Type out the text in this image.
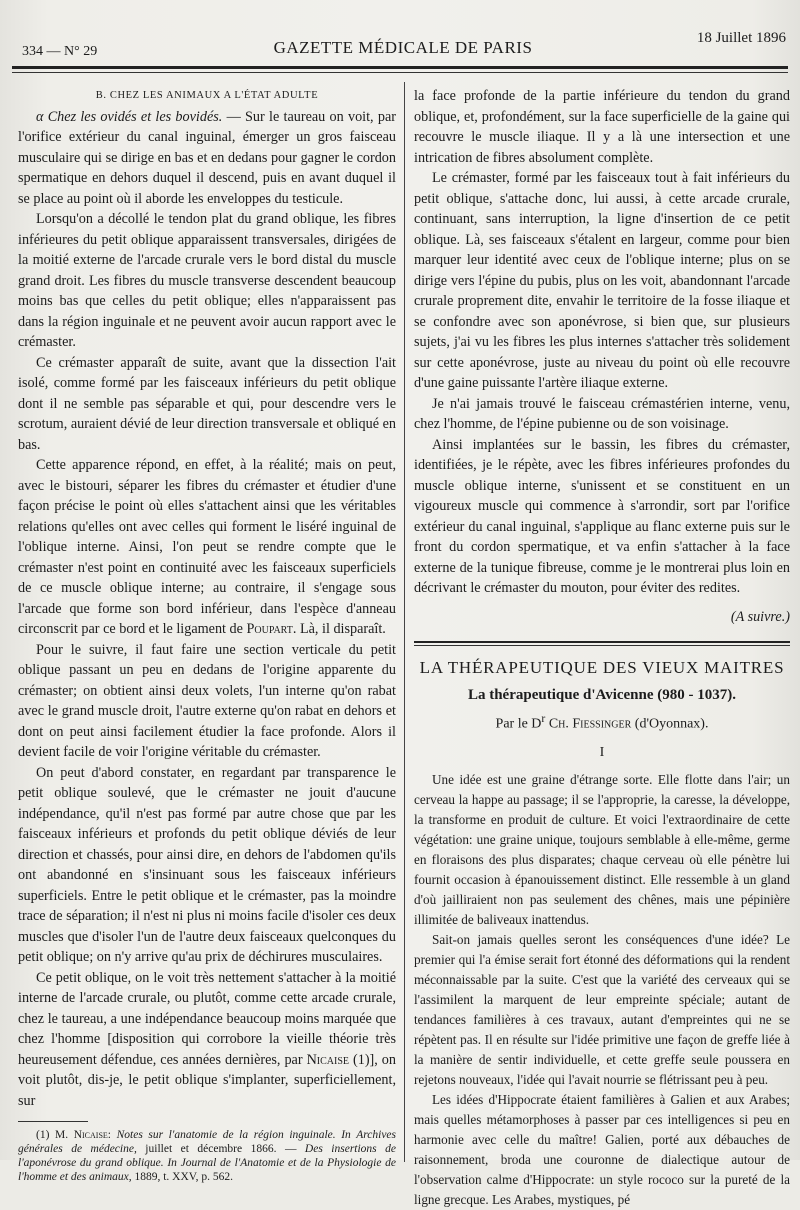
334 — N° 29	GAZETTE MÉDICALE DE PARIS	18 Juillet 1896

B. CHEZ LES ANIMAUX A L'ÉTAT ADULTE

α Chez les ovidés et les bovidés. — Sur le taureau on voit, par l'orifice extérieur du canal inguinal, émerger un gros faisceau musculaire qui se dirige en bas et en dedans pour gagner le cordon spermatique en dehors duquel il descend, puis en avant duquel il se place au point où il aborde les enveloppes du testicule.

Lorsqu'on a décollé le tendon plat du grand oblique, les fibres inférieures du petit oblique apparaissent transversales, dirigées de la moitié externe de l'arcade crurale vers le bord distal du muscle grand droit. Les fibres du muscle transverse descendent beaucoup moins bas que celles du petit oblique; elles n'apparaissent pas dans la région inguinale et ne peuvent avoir aucun rapport avec le crémaster.

Ce crémaster apparaît de suite, avant que la dissection l'ait isolé, comme formé par les faisceaux inférieurs du petit oblique dont il ne semble pas séparable et qui, pour descendre vers le scrotum, auraient dévié de leur direction transversale et obliqué en bas.

Cette apparence répond, en effet, à la réalité; mais on peut, avec le bistouri, séparer les fibres du crémaster et étudier d'une façon précise le point où elles s'attachent ainsi que les véritables relations qu'elles ont avec celles qui forment le liséré inguinal de l'oblique interne. Ainsi, l'on peut se rendre compte que le crémaster n'est point en continuité avec les faisceaux superficiels de ce muscle oblique interne; au contraire, il s'engage sous l'arcade que forme son bord inférieur, dans l'espèce d'anneau circonscrit par ce bord et le ligament de Poupart. Là, il disparaît.

Pour le suivre, il faut faire une section verticale du petit oblique passant un peu en dedans de l'origine apparente du crémaster; on obtient ainsi deux volets, l'un interne qu'on rabat avec le grand muscle droit, l'autre externe qu'on rabat en dehors et dont on peut ainsi facilement étudier la face profonde. Alors il devient facile de voir l'origine véritable du crémaster.

On peut d'abord constater, en regardant par transparence le petit oblique soulevé, que le crémaster ne jouit d'aucune indépendance, qu'il n'est pas formé par autre chose que par les faisceaux inférieurs et profonds du petit oblique déviés de leur direction et chassés, pour ainsi dire, en dehors de l'abdomen qu'ils ont abandonné en s'insinuant sous les faisceaux inférieurs superficiels. Entre le petit oblique et le crémaster, pas la moindre trace de séparation; il n'est ni plus ni moins facile d'isoler ces deux muscles que d'isoler l'un de l'autre deux faisceaux quelconques du petit oblique; on n'y arrive qu'au prix de déchirures musculaires.

Ce petit oblique, on le voit très nettement s'attacher à la moitié interne de l'arcade crurale, ou plutôt, comme cette arcade crurale, chez le taureau, a une indépendance beaucoup moins marquée que chez l'homme [disposition qui corrobore la vieille théorie très heureusement défendue, ces années dernières, par Nicaise (1)], on voit plutôt, dis-je, le petit oblique s'implanter, superficiellement, sur

(1) M. Nicaise: Notes sur l'anatomie de la région inguinale. In Archives générales de médecine, juillet et décembre 1866. — Des insertions de l'aponévrose du grand oblique. In Journal de l'Anatomie et de la Physiologie de l'homme et des animaux, 1889, t. XXV, p. 562.

la face profonde de la partie inférieure du tendon du grand oblique, et, profondément, sur la face superficielle de la gaine qui recouvre le muscle iliaque. Il y a là une intersection et une intrication de fibres absolument complète.

Le crémaster, formé par les faisceaux tout à fait inférieurs du petit oblique, s'attache donc, lui aussi, à cette arcade crurale, continuant, sans interruption, la ligne d'insertion de ce petit oblique. Là, ses faisceaux s'étalent en largeur, comme pour bien marquer leur identité avec ceux de l'oblique interne; plus on se dirige vers l'épine du pubis, plus on les voit, abandonnant l'arcade crurale proprement dite, envahir le territoire de la fosse iliaque et se confondre avec son aponévrose, si bien que, sur plusieurs sujets, j'ai vu les fibres les plus internes s'attacher très solidement sur cette aponévrose, juste au niveau du point où elle recouvre d'une gaine puissante l'artère iliaque externe.

Je n'ai jamais trouvé le faisceau crémastérien interne, venu, chez l'homme, de l'épine pubienne ou de son voisinage.

Ainsi implantées sur le bassin, les fibres du crémaster, identifiées, je le répète, avec les fibres inférieures profondes du muscle oblique interne, s'unissent et se constituent en un vigoureux muscle qui commence à s'arrondir, sort par l'orifice extérieur du canal inguinal, s'applique au flanc externe puis sur le front du cordon spermatique, et va enfin s'attacher à la face externe de la tunique fibreuse, comme je le montrerai plus loin en décrivant le crémaster du mouton, pour éviter des redites.

(A suivre.)

LA THÉRAPEUTIQUE DES VIEUX MAITRES

La thérapeutique d'Avicenne (980 - 1037).

Par le $D^r$ Ch. Fiessinger (d'Oyonnax).

I

Une idée est une graine d'étrange sorte. Elle flotte dans l'air; un cerveau la happe au passage; il se l'approprie, la caresse, la développe, la transforme en produit de culture. Et voici l'extraordinaire de cette végétation: une graine unique, toujours semblable à elle-même, germe en floraisons des plus disparates; chaque cerveau où elle pénètre lui fournit occasion à épanouissement distinct. Elle ressemble à un gland d'où jailliraient non pas seulement des chênes, mais une pépinière illimitée de baliveaux inattendus.

Sait-on jamais quelles seront les conséquences d'une idée? Le premier qui l'a émise serait fort étonné des déformations qui la rendent méconnaissable par la suite. C'est que la variété des cerveaux qui se l'assimilent la marquent de leur empreinte spéciale; autant de tendances familières à ces travaux, autant d'empreintes qui ne se répètent pas. Il en résulte sur l'idée primitive une façon de greffe liée à la manière de sentir individuelle, et cette greffe seule poussera en rejetons nouveaux, l'idée qui l'avait nourrie se flétrissant peu à peu.

Les idées d'Hippocrate étaient familières à Galien et aux Arabes; mais quelles métamorphoses à passer par ces intelligences si peu en harmonie avec celle du maître! Galien, porté aux débauches de raisonnement, broda une couronne de dialectique autour de l'observation calme d'Hippocrate: un style rococo sur la pureté de la ligne grecque. Les Arabes, mystiques, pé
